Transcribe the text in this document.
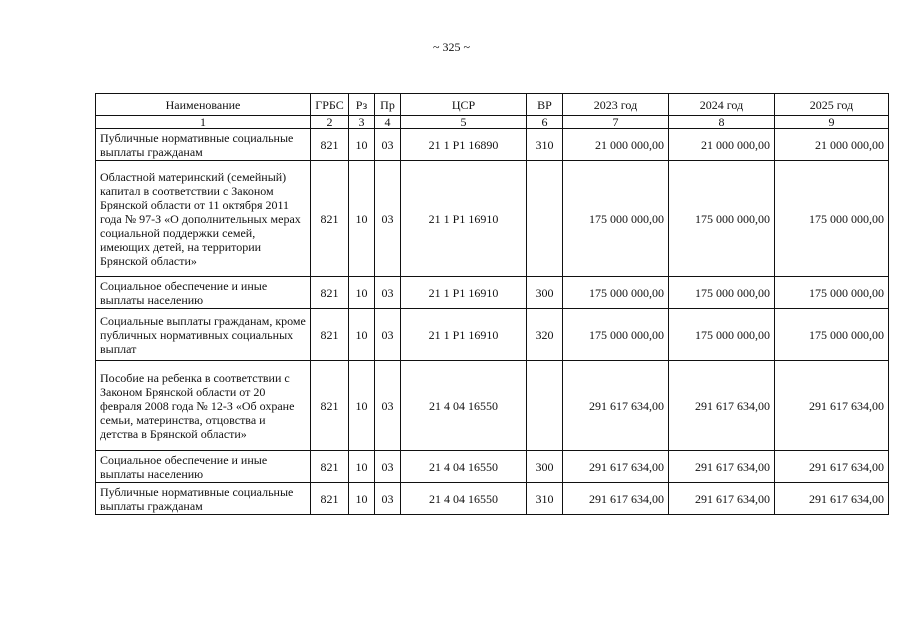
~ 325 ~
Наименование	ГРБС	Рз	Пр	ЦСР	ВР	2023 год	2024 год	2025 год
1	2	3	4	5	6	7	8	9
Публичные нормативные социальные выплаты гражданам	821	10	03	21 1 P1 16890	310	21 000 000,00	21 000 000,00	21 000 000,00
Областной материнский (семейный) капитал в соответствии с Законом Брянской области от 11 октября 2011 года № 97-З «О дополнительных мерах социальной поддержки семей, имеющих детей, на территории Брянской области»	821	10	03	21 1 P1 16910		175 000 000,00	175 000 000,00	175 000 000,00
Социальное обеспечение и иные выплаты населению	821	10	03	21 1 P1 16910	300	175 000 000,00	175 000 000,00	175 000 000,00
Социальные выплаты гражданам, кроме публичных нормативных социальных выплат	821	10	03	21 1 P1 16910	320	175 000 000,00	175 000 000,00	175 000 000,00
Пособие на ребенка в соответствии с Законом Брянской области от 20 февраля 2008 года № 12-З «Об охране семьи, материнства, отцовства и детства в Брянской области»	821	10	03	21 4 04 16550		291 617 634,00	291 617 634,00	291 617 634,00
Социальное обеспечение и иные выплаты населению	821	10	03	21 4 04 16550	300	291 617 634,00	291 617 634,00	291 617 634,00
Публичные нормативные социальные выплаты гражданам	821	10	03	21 4 04 16550	310	291 617 634,00	291 617 634,00	291 617 634,00
